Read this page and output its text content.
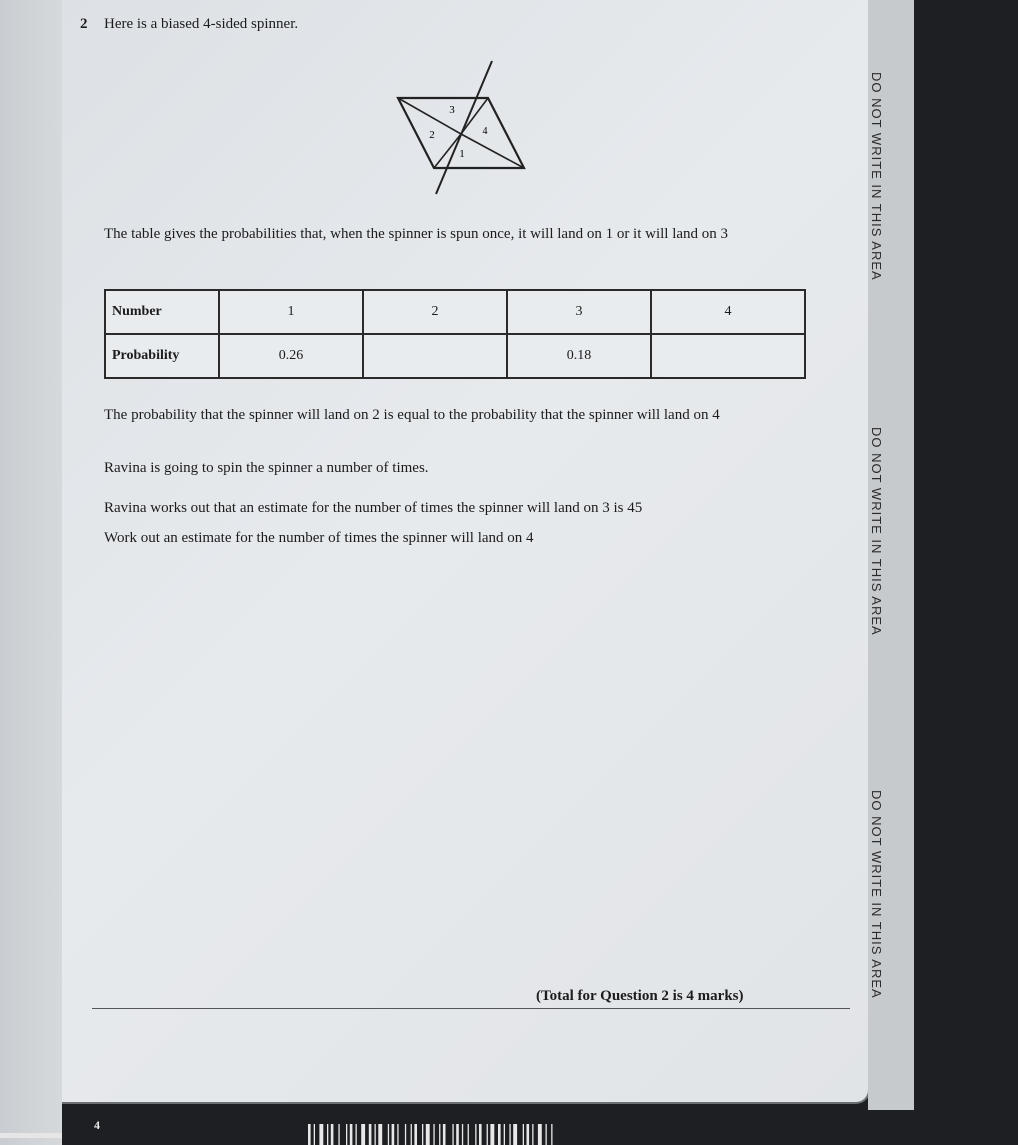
2 Here is a biased 4-sided spinner.
1
2
3
4
The table gives the probabilities that, when the spinner is spun once, it will land on 1 or it will land on 3
Number	1	2	3	4
Probability	0.26		0.18	
The probability that the spinner will land on 2 is equal to the probability that the spinner will land on 4
Ravina is going to spin the spinner a number of times.
Ravina works out that an estimate for the number of times the spinner will land on 3 is 45
Work out an estimate for the number of times the spinner will land on 4
(Total for Question 2 is 4 marks)
DO NOT WRITE IN THIS AREA
DO NOT WRITE IN THIS AREA
DO NOT WRITE IN THIS AREA
4
